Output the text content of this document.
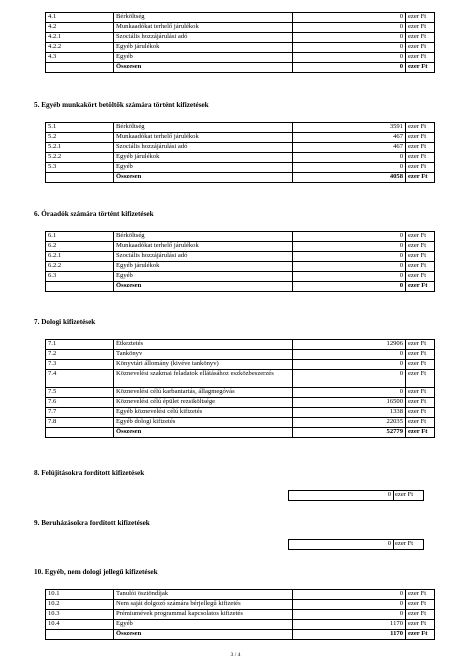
4.1	Bérköltség	0	ezer Ft
4.2	Munkaadókat terhelő járulékok	0	ezer Ft
4.2.1	Szociális hozzájárulási adó	0	ezer Ft
4.2.2	Egyéb járulékok	0	ezer Ft
4.3	Egyéb	0	ezer Ft
	Összesen	0	ezer Ft
5. Egyéb munkakört betöltők számára történt kifizetések
5.1	Bérköltség	3591	ezer Ft
5.2	Munkaadókat terhelő járulékok	467	ezer Ft
5.2.1	Szociális hozzájárulási adó	467	ezer Ft
5.2.2	Egyéb járulékok	0	ezer Ft
5.3	Egyéb	0	ezer Ft
	Összesen	4058	ezer Ft
6. Óraadók számára történt kifizetések
6.1	Bérköltség	0	ezer Ft
6.2	Munkaadókat terhelő járulékok	0	ezer Ft
6.2.1	Szociális hozzájárulási adó	0	ezer Ft
6.2.2	Egyéb járulékok	0	ezer Ft
6.3	Egyéb	0	ezer Ft
	Összesen	0	ezer Ft
7. Dologi kifizetések
7.1	Étkeztetés	12906	ezer Ft
7.2	Tankönyv	0	ezer Ft
7.3	Könyvtári állomány (kivéve tankönyv)	0	ezer Ft
7.4	Köznevelési szakmai feladatok ellátásához eszközbeszerzés	0	ezer Ft
7.5	Köznevelési célú karbantartás, állagmegóvás	0	ezer Ft
7.6	Köznevelési célú épület rezsiköltsége	16500	ezer Ft
7.7	Egyéb köznevelési célú kifizetés	1338	ezer Ft
7.8	Egyéb dologi kifizetés	22035	ezer Ft
	Összesen	52779	ezer Ft
8. Felújításokra fordított kifizetések
0	ezer Ft
9. Beruházásokra fordított kifizetések
0	ezer Ft
10. Egyéb, nem dologi jellegű kifizetések
10.1	Tanulói ösztöndíjak	0	ezer Ft
10.2	Nem saját dolgozó számára bérjellegű kifizetés	0	ezer Ft
10.3	Prémiumévek programmal kapcsolatos kifizetés	0	ezer Ft
10.4	Egyéb	1170	ezer Ft
	Összesen	1170	ezer Ft
3 / 4
